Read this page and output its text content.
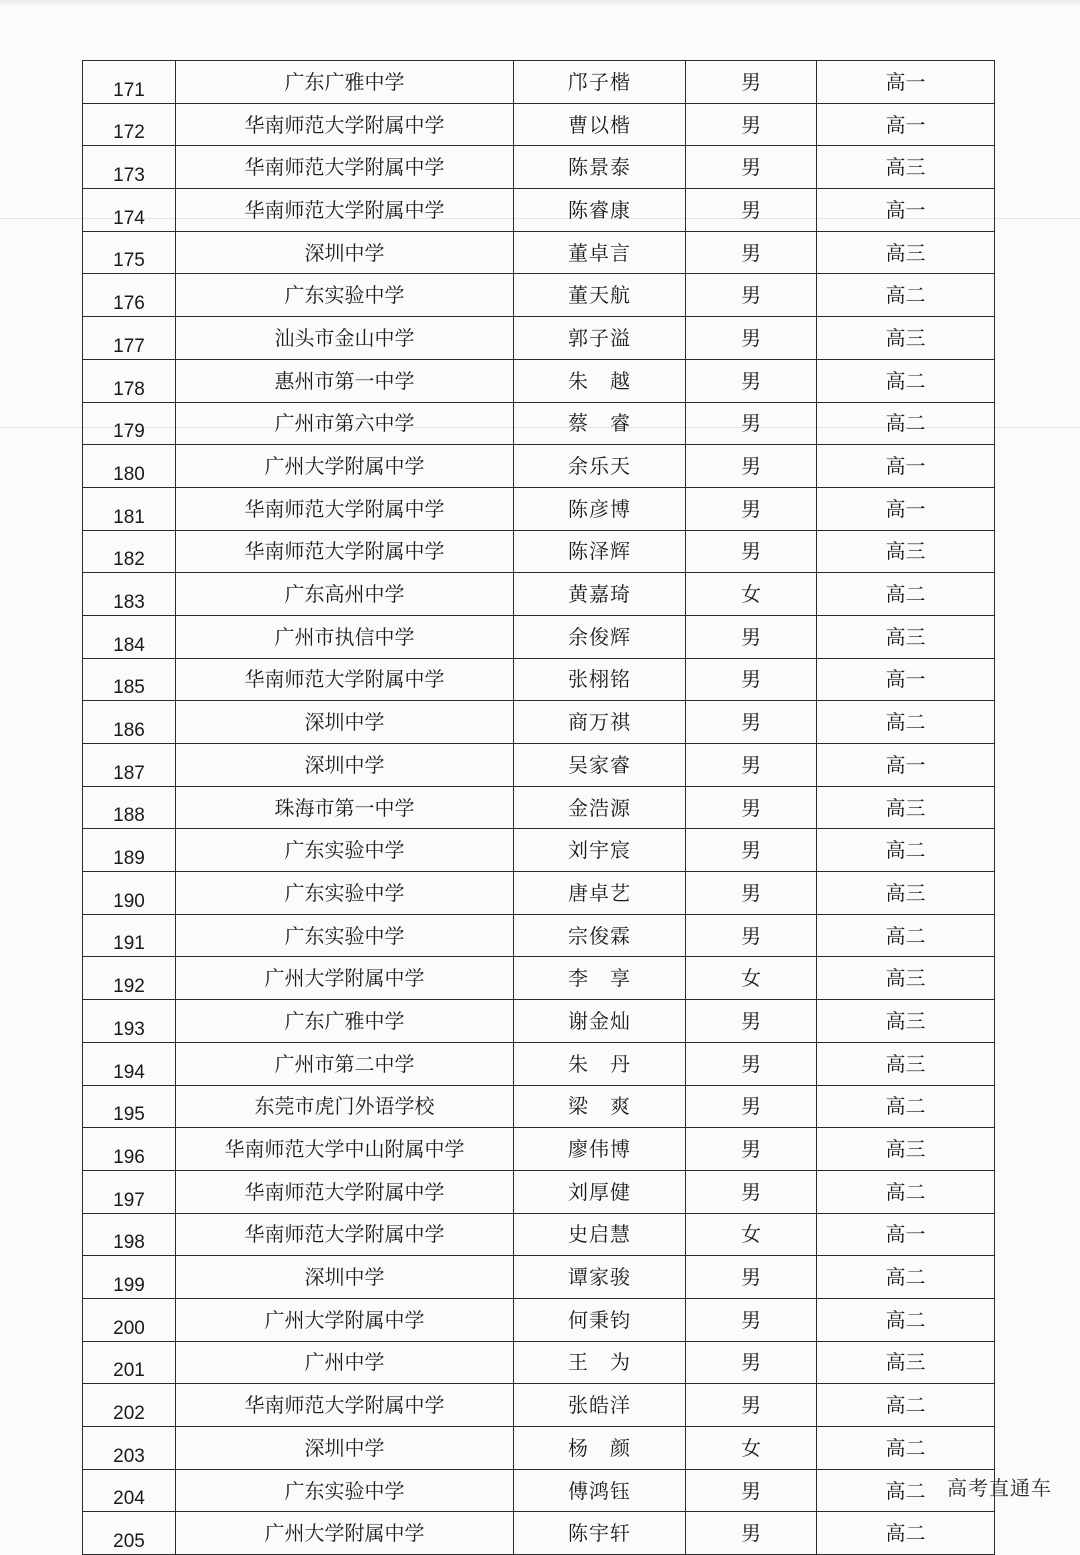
171	广东广雅中学	邝子楷	男	高一
172	华南师范大学附属中学	曹以楷	男	高一
173	华南师范大学附属中学	陈景泰	男	高三
174	华南师范大学附属中学	陈睿康	男	高一
175	深圳中学	董卓言	男	高三
176	广东实验中学	董天航	男	高二
177	汕头市金山中学	郭子溢	男	高三
178	惠州市第一中学	朱　越	男	高二
179	广州市第六中学	蔡　睿	男	高二
180	广州大学附属中学	余乐天	男	高一
181	华南师范大学附属中学	陈彦博	男	高一
182	华南师范大学附属中学	陈泽辉	男	高三
183	广东高州中学	黄嘉琦	女	高二
184	广州市执信中学	余俊辉	男	高三
185	华南师范大学附属中学	张栩铭	男	高一
186	深圳中学	商万祺	男	高二
187	深圳中学	吴家睿	男	高一
188	珠海市第一中学	金浩源	男	高三
189	广东实验中学	刘宇宸	男	高二
190	广东实验中学	唐卓艺	男	高三
191	广东实验中学	宗俊霖	男	高二
192	广州大学附属中学	李　享	女	高三
193	广东广雅中学	谢金灿	男	高三
194	广州市第二中学	朱　丹	男	高三
195	东莞市虎门外语学校	梁　爽	男	高二
196	华南师范大学中山附属中学	廖伟博	男	高三
197	华南师范大学附属中学	刘厚健	男	高二
198	华南师范大学附属中学	史启慧	女	高一
199	深圳中学	谭家骏	男	高二
200	广州大学附属中学	何秉钧	男	高二
201	广州中学	王　为	男	高三
202	华南师范大学附属中学	张皓洋	男	高二
203	深圳中学	杨　颜	女	高二
204	广东实验中学	傅鸿钰	男	高二
205	广州大学附属中学	陈宇轩	男	高二
高考直通车
